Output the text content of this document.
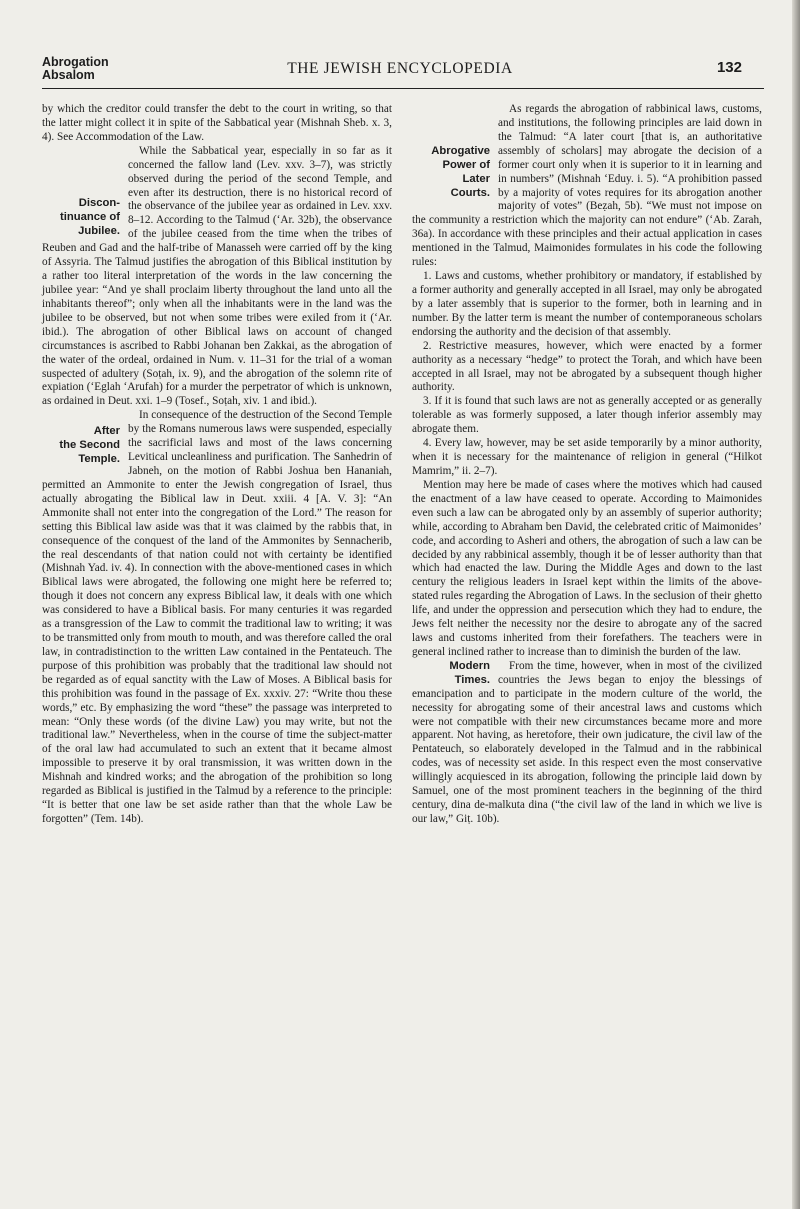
Abrogation
Absalom	THE JEWISH ENCYCLOPEDIA	132

by which the creditor could transfer the debt to the court in writing, so that the latter might collect it in spite of the Sabbatical year (Mishnah Sheb. x. 3, 4). See Accommodation of the Law.

Discon-
tinuance of
Jubilee.

While the Sabbatical year, especially in so far as it concerned the fallow land (Lev. xxv. 3–7), was strictly observed during the period of the second Temple, and even after its destruction, there is no historical record of the observance of the jubilee year as ordained in Lev. xxv. 8–12. According to the Talmud (‘Ar. 32b), the observance of the jubilee ceased from the time when the tribes of Reuben and Gad and the half-tribe of Manasseh were carried off by the king of Assyria. The Talmud justifies the abrogation of this Biblical institution by a rather too literal interpretation of the words in the law concerning the jubilee year: “And ye shall proclaim liberty throughout the land unto all the inhabitants thereof”; only when all the inhabitants were in the land was the jubilee to be observed, but not when some tribes were exiled from it (‘Ar. ibid.). The abrogation of other Biblical laws on account of changed circumstances is ascribed to Rabbi Johanan ben Zakkai, as the abrogation of the water of the ordeal, ordained in Num. v. 11–31 for the trial of a woman suspected of adultery (Soṭah, ix. 9), and the abrogation of the solemn rite of expiation (‘Eglah ‘Arufah) for a murder the perpetrator of which is unknown, as ordained in Deut. xxi. 1–9 (Tosef., Soṭah, xiv. 1 and ibid.).

After
the Second
Temple.

In consequence of the destruction of the Second Temple by the Romans numerous laws were suspended, especially the sacrificial laws and most of the laws concerning Levitical uncleanliness and purification. The Sanhedrin of Jabneh, on the motion of Rabbi Joshua ben Hananiah, permitted an Ammonite to enter the Jewish congregation of Israel, thus actually abrogating the Biblical law in Deut. xxiii. 4 [A. V. 3]: “An Ammonite shall not enter into the congregation of the Lord.” The reason for setting this Biblical law aside was that it was claimed by the rabbis that, in consequence of the conquest of the land of the Ammonites by Sennacherib, the real descendants of that nation could not with certainty be identified (Mishnah Yad. iv. 4). In connection with the above-mentioned cases in which Biblical laws were abrogated, the following one might here be referred to; though it does not concern any express Biblical law, it deals with one which was considered to have a Biblical basis. For many centuries it was regarded as a transgression of the Law to commit the traditional law to writing; it was to be transmitted only from mouth to mouth, and was therefore called the oral law, in contradistinction to the written Law contained in the Pentateuch. The purpose of this prohibition was probably that the traditional law should not be regarded as of equal sanctity with the Law of Moses. A Biblical basis for this prohibition was found in the passage of Ex. xxxiv. 27: “Write thou these words,” etc. By emphasizing the word “these” the passage was interpreted to mean: “Only these words (of the divine Law) you may write, but not the traditional law.” Nevertheless, when in the course of time the subject-matter of the oral law had accumulated to such an extent that it became almost impossible to preserve it by oral transmission, it was written down in the Mishnah and kindred works; and the abrogation of the prohibition so long regarded as Biblical is justified in the Talmud by a reference to the principle: “It is better that one law be set aside rather than that the whole Law be forgotten” (Tem. 14b).

Abrogative
Power of
Later
Courts.

As regards the abrogation of rabbinical laws, customs, and institutions, the following principles are laid down in the Talmud: “A later court [that is, an authoritative assembly of scholars] may abrogate the decision of a former court only when it is superior to it in learning and in numbers” (Mishnah ‘Eduy. i. 5). “A prohibition passed by a majority of votes requires for its abrogation another majority of votes” (Beẓah, 5b). “We must not impose on the community a restriction which the majority can not endure” (‘Ab. Zarah, 36a). In accordance with these principles and their actual application in cases mentioned in the Talmud, Maimonides formulates in his code the following rules:

1. Laws and customs, whether prohibitory or mandatory, if established by a former authority and generally accepted in all Israel, may only be abrogated by a later assembly that is superior to the former, both in learning and in number. By the latter term is meant the number of contemporaneous scholars endorsing the authority and the decision of that assembly.

2. Restrictive measures, however, which were enacted by a former authority as a necessary “hedge” to protect the Torah, and which have been accepted in all Israel, may not be abrogated by a subsequent though higher authority.

3. If it is found that such laws are not as generally accepted or as generally tolerable as was formerly supposed, a later though inferior assembly may abrogate them.

4. Every law, however, may be set aside temporarily by a minor authority, when it is necessary for the maintenance of religion in general (“Hilkot Mamrim,” ii. 2–7).

Mention may here be made of cases where the motives which had caused the enactment of a law have ceased to operate. According to Maimonides even such a law can be abrogated only by an assembly of superior authority; while, according to Abraham ben David, the celebrated critic of Maimonides’ code, and according to Asheri and others, the abrogation of such a law can be decided by any rabbinical assembly, though it be of lesser authority than that which had enacted the law. During the Middle Ages and down to the last century the religious leaders in Israel kept within the limits of the above-stated rules regarding the Abrogation of Laws. In the seclusion of their ghetto life, and under the oppression and persecution which they had to endure, the Jews felt neither the necessity nor the desire to abrogate any of the sacred laws and customs inherited from their forefathers. The teachers were in general inclined rather to increase than to diminish the burden of the law.

Modern
Times.

From the time, however, when in most of the civilized countries the Jews began to enjoy the blessings of emancipation and to participate in the modern culture of the world, the necessity for abrogating some of their ancestral laws and customs which were not compatible with their new circumstances became more and more apparent. Not having, as heretofore, their own judicature, the civil law of the Pentateuch, so elaborately developed in the Talmud and in the rabbinical codes, was of necessity set aside. In this respect even the most conservative willingly acquiesced in its abrogation, following the principle laid down by Samuel, one of the most prominent teachers in the beginning of the third century, dina de-malkuta dina (“the civil law of the land in which we live is our law,” Giṭ. 10b).
